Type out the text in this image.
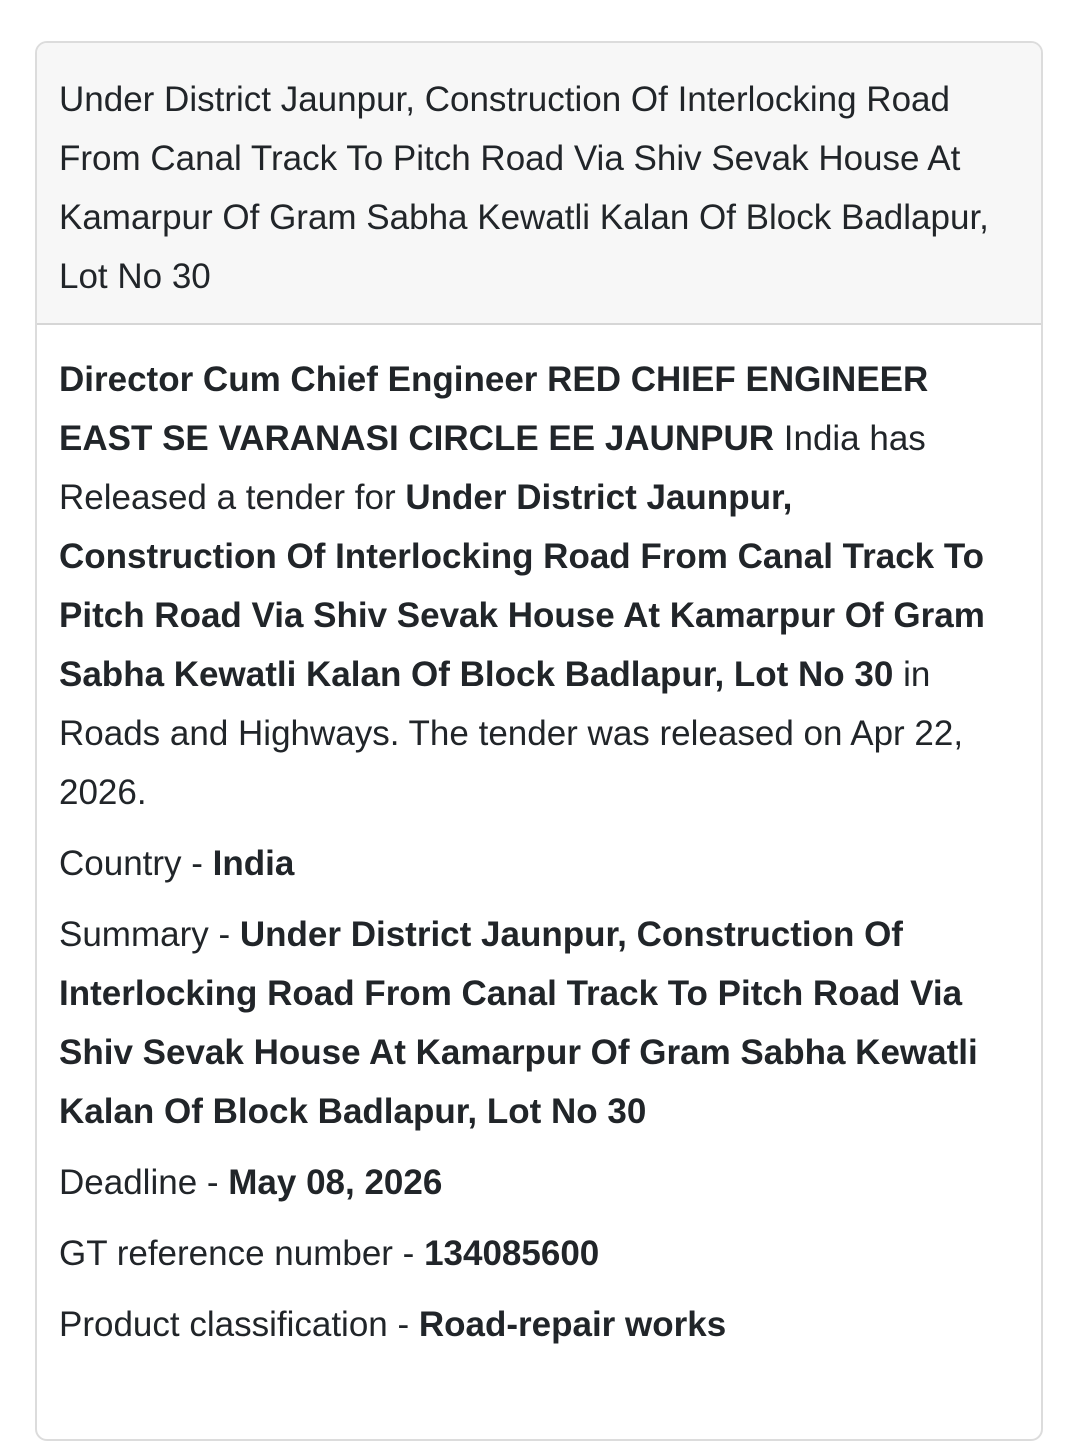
Under District Jaunpur, Construction Of Interlocking Road From Canal Track To Pitch Road Via Shiv Sevak House At Kamarpur Of Gram Sabha Kewatli Kalan Of Block Badlapur, Lot No 30

Director Cum Chief Engineer RED CHIEF ENGINEER EAST SE VARANASI CIRCLE EE JAUNPUR India has Released a tender for Under District Jaunpur, Construction Of Interlocking Road From Canal Track To Pitch Road Via Shiv Sevak House At Kamarpur Of Gram Sabha Kewatli Kalan Of Block Badlapur, Lot No 30 in Roads and Highways. The tender was released on Apr 22, 2026.

Country - India

Summary - Under District Jaunpur, Construction Of Interlocking Road From Canal Track To Pitch Road Via Shiv Sevak House At Kamarpur Of Gram Sabha Kewatli Kalan Of Block Badlapur, Lot No 30

Deadline - May 08, 2026

GT reference number - 134085600

Product classification - Road-repair works
